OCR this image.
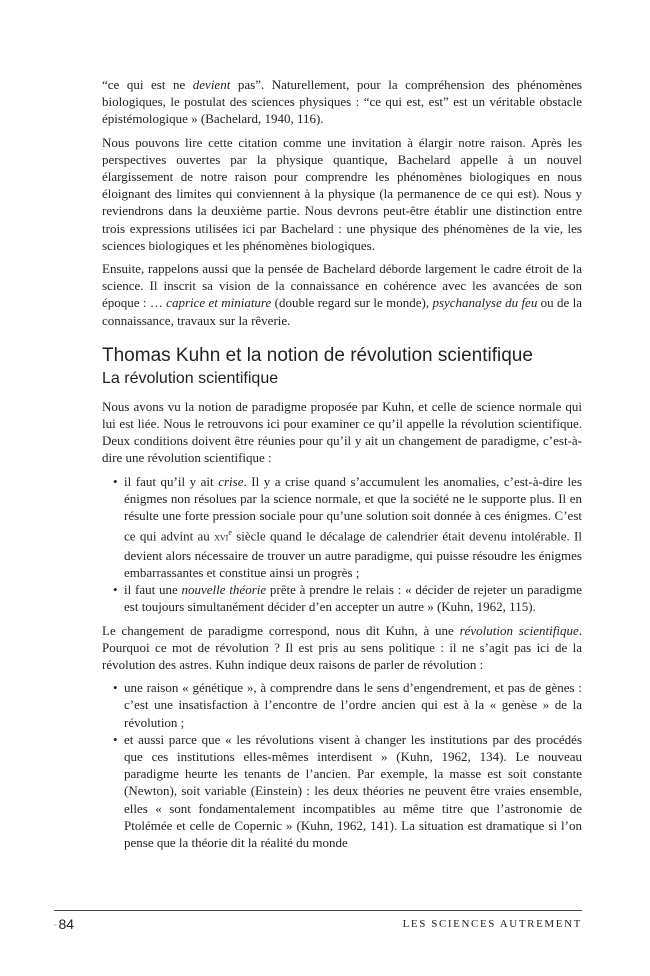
“ce qui est ne devient pas”. Naturellement, pour la compréhension des phénomènes biologiques, le postulat des sciences physiques : “ce qui est, est” est un véritable obstacle épistémologique » (Bachelard, 1940, 116).

Nous pouvons lire cette citation comme une invitation à élargir notre raison. Après les perspectives ouvertes par la physique quantique, Bachelard appelle à un nouvel élargissement de notre raison pour comprendre les phénomènes biologiques en nous éloignant des limites qui conviennent à la physique (la permanence de ce qui est). Nous y reviendrons dans la deuxième partie. Nous devrons peut-être établir une distinction entre trois expressions utilisées ici par Bachelard : une physique des phénomènes de la vie, les sciences biologiques et les phénomènes biologiques.

Ensuite, rappelons aussi que la pensée de Bachelard déborde largement le cadre étroit de la science. Il inscrit sa vision de la connaissance en cohérence avec les avancées de son époque : … caprice et miniature (double regard sur le monde), psychanalyse du feu ou de la connaissance, travaux sur la rêverie.

Thomas Kuhn et la notion de révolution scientifique
La révolution scientifique

Nous avons vu la notion de paradigme proposée par Kuhn, et celle de science normale qui lui est liée. Nous le retrouvons ici pour examiner ce qu’il appelle la révolution scientifique. Deux conditions doivent être réunies pour qu’il y ait un changement de paradigme, c’est-à-dire une révolution scientifique :

• il faut qu’il y ait crise. Il y a crise quand s’accumulent les anomalies, c’est-à-dire les énigmes non résolues par la science normale, et que la société ne le supporte plus. Il en résulte une forte pression sociale pour qu’une solution soit donnée à ces énigmes. C’est ce qui advint au xvi$^e$ siècle quand le décalage de calendrier était devenu intolérable. Il devient alors nécessaire de trouver un autre paradigme, qui puisse résoudre les énigmes embarrassantes et constitue ainsi un progrès ;
• il faut une nouvelle théorie prête à prendre le relais : « décider de rejeter un paradigme est toujours simultanément décider d’en accepter un autre » (Kuhn, 1962, 115).

Le changement de paradigme correspond, nous dit Kuhn, à une révolution scientifique. Pourquoi ce mot de révolution ? Il est pris au sens politique : il ne s’agit pas ici de la révolution des astres. Kuhn indique deux raisons de parler de révolution :

• une raison « génétique », à comprendre dans le sens d’engendrement, et pas de gènes : c’est une insatisfaction à l’encontre de l’ordre ancien qui est à la « genèse » de la révolution ;
• et aussi parce que « les révolutions visent à changer les institutions par des procédés que ces institutions elles-mêmes interdisent » (Kuhn, 1962, 134). Le nouveau paradigme heurte les tenants de l’ancien. Par exemple, la masse est soit constante (Newton), soit variable (Einstein) : les deux théories ne peuvent être vraies ensemble, elles « sont fondamentalement incompatibles au même titre que l’astronomie de Ptolémée et celle de Copernic » (Kuhn, 1962, 141). La situation est dramatique si l’on pense que la théorie dit la réalité du monde
▫ 84	LES SCIENCES AUTREMENT
